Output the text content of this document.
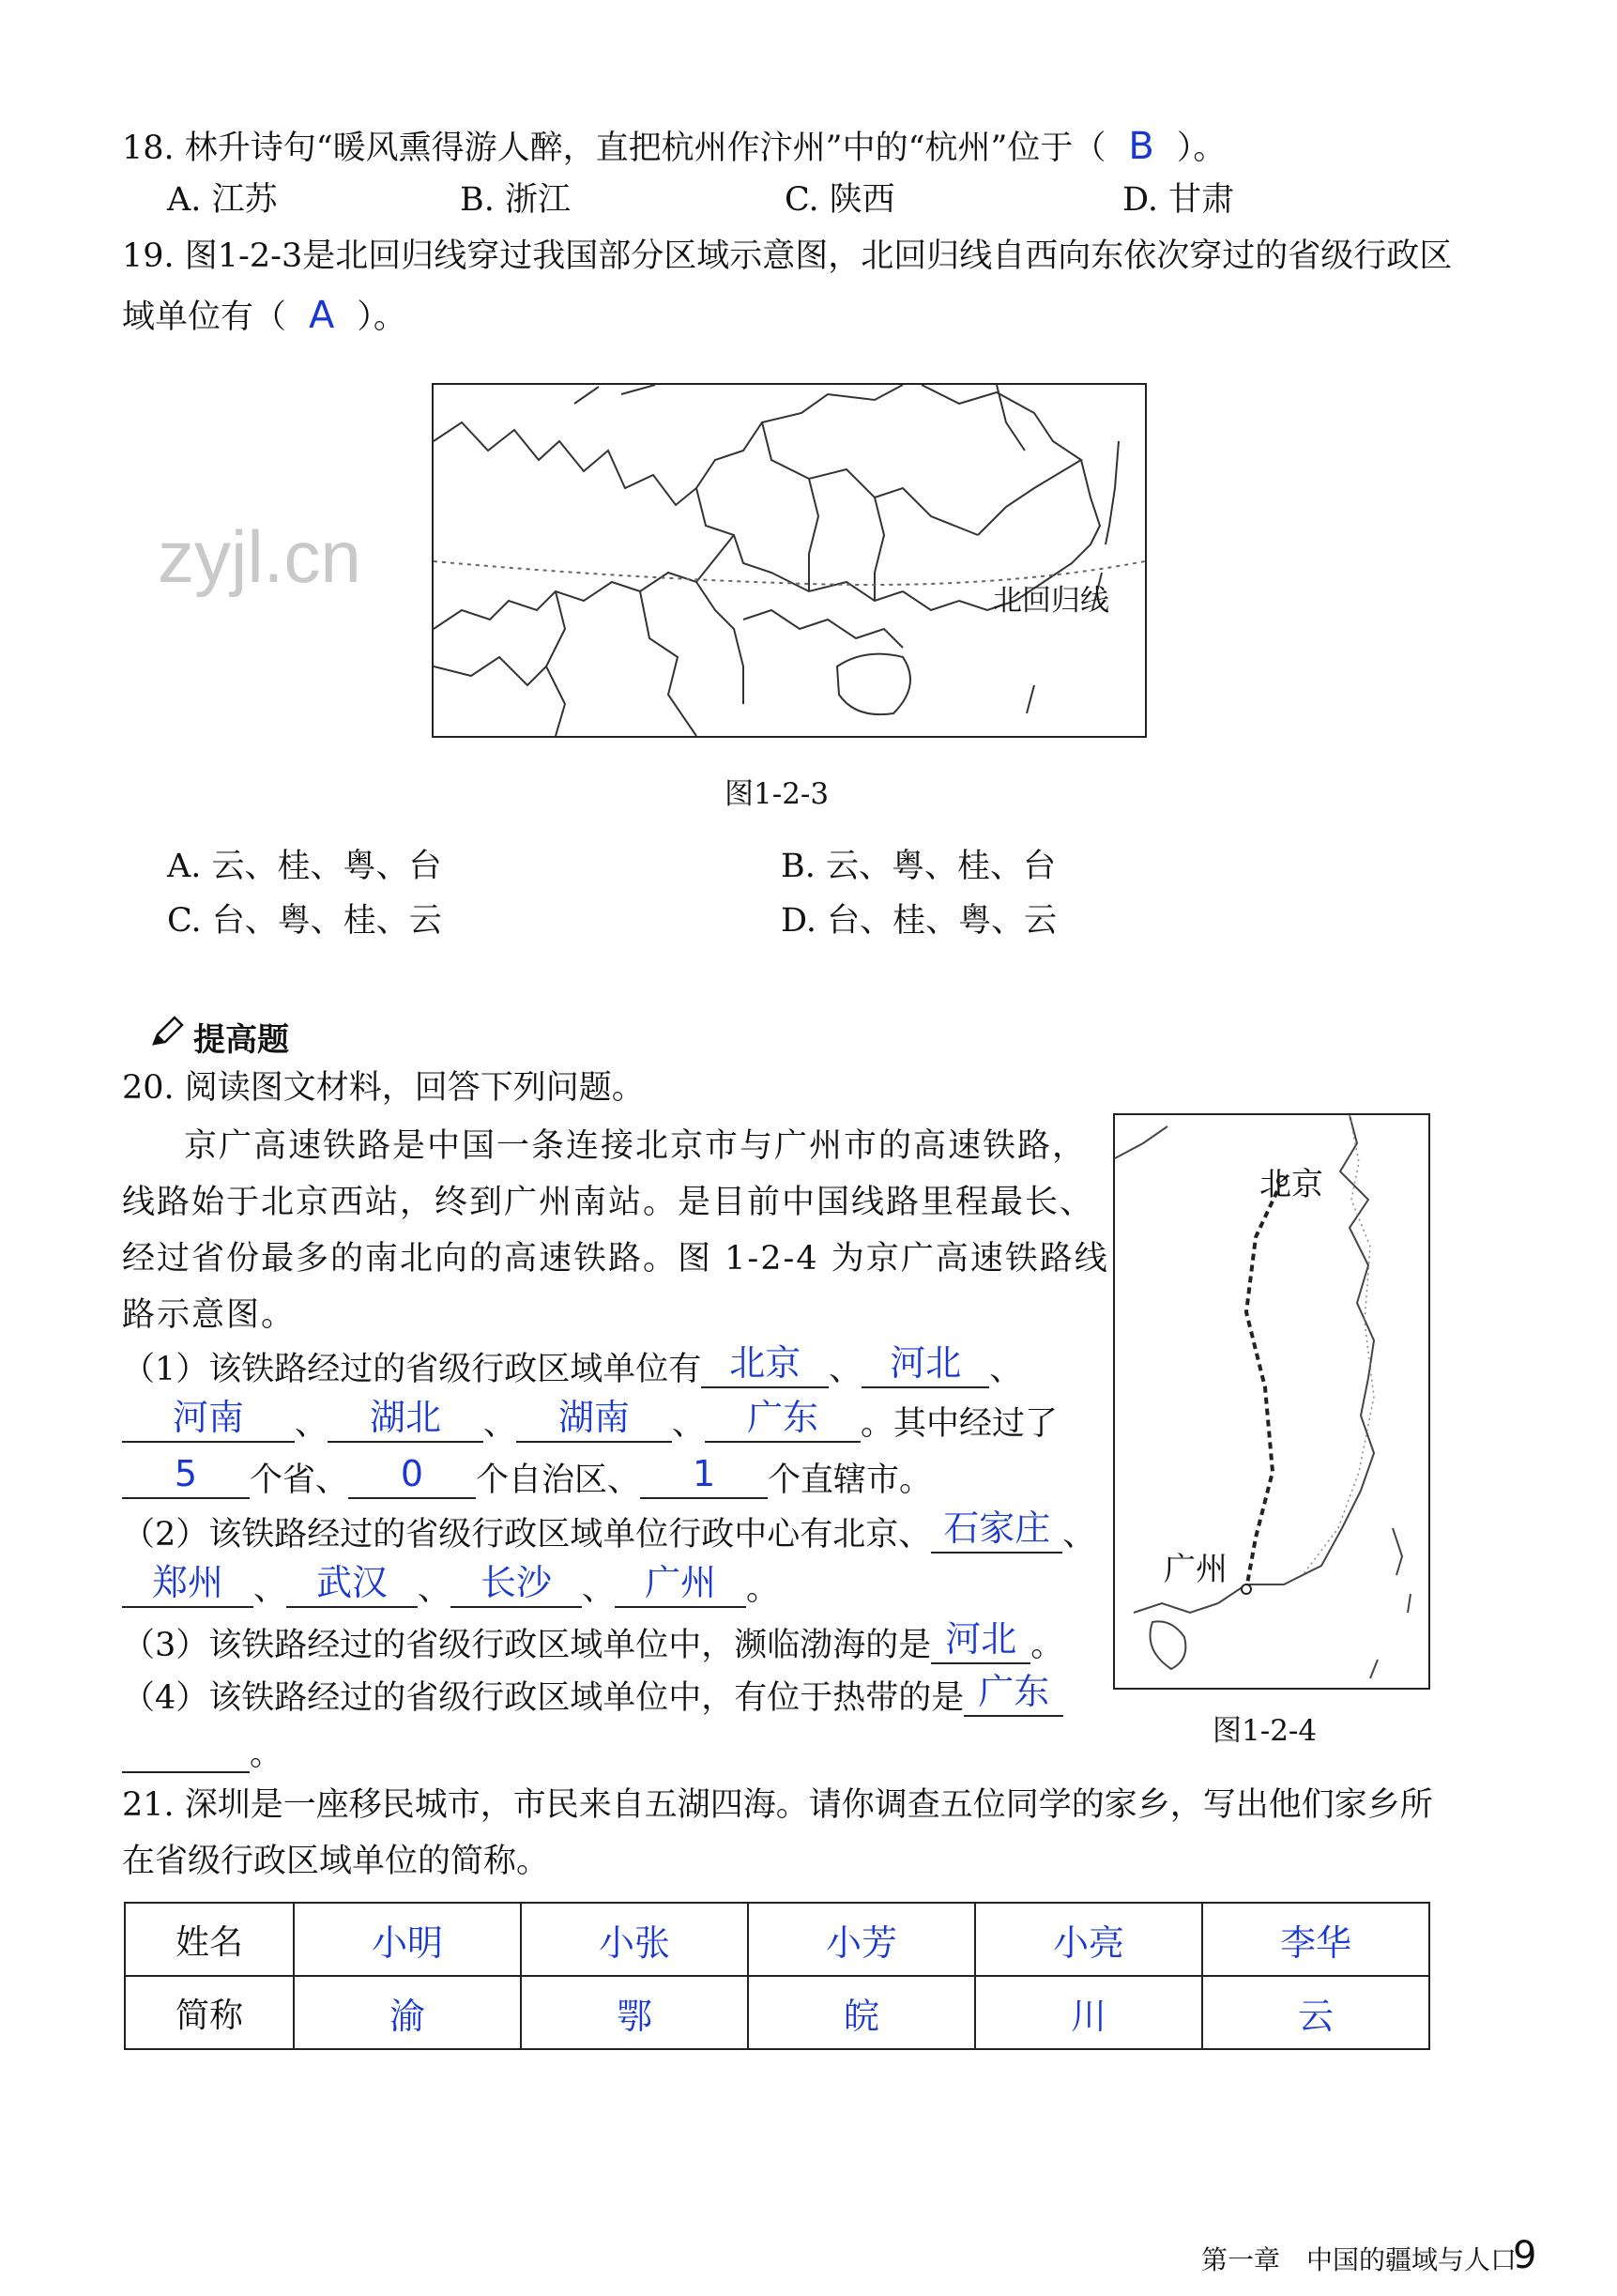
zyjl.cn
18. 林升诗句“暖风熏得游人醉，直把杭州作汴州”中的“杭州”位于（ B ）。
A. 江苏	B. 浙江	C. 陕西	D. 甘肃
19. 图1-2-3是北回归线穿过我国部分区域示意图，北回归线自西向东依次穿过的省级行政区
域单位有（ A ）。
北回归线
图1-2-3
A. 云、桂、粤、台	B. 云、粤、桂、台
C. 台、粤、桂、云	D. 台、桂、粤、云
提高题
20. 阅读图文材料，回答下列问题。
京广高速铁路是中国一条连接北京市与广州市的高速铁路，
线路始于北京西站，终到广州南站。是目前中国线路里程最长、
经过省份最多的南北向的高速铁路。图 1-2-4 为京广高速铁路线
路示意图。
（1）该铁路经过的省级行政区域单位有 北京 、 河北 、
河南	、	湖北	、	湖南	、	广东	。其中经过了
5	个省、	0	个自治区、	1	个直辖市。
（2）该铁路经过的省级行政区域单位行政中心有北京、 石家庄 、
郑州 、 武汉 、 长沙 、 广州 。
（3）该铁路经过的省级行政区域单位中，濒临渤海的是 河北 。
（4）该铁路经过的省级行政区域单位中，有位于热带的是 广东
。
北京
广州
图1-2-4
21. 深圳是一座移民城市，市民来自五湖四海。请你调查五位同学的家乡，写出他们家乡所
在省级行政区域单位的简称。
姓名	小明	小张	小芳	小亮	李华
简称	渝	鄂	皖	川	云
第一章　中国的疆域与人口
9
